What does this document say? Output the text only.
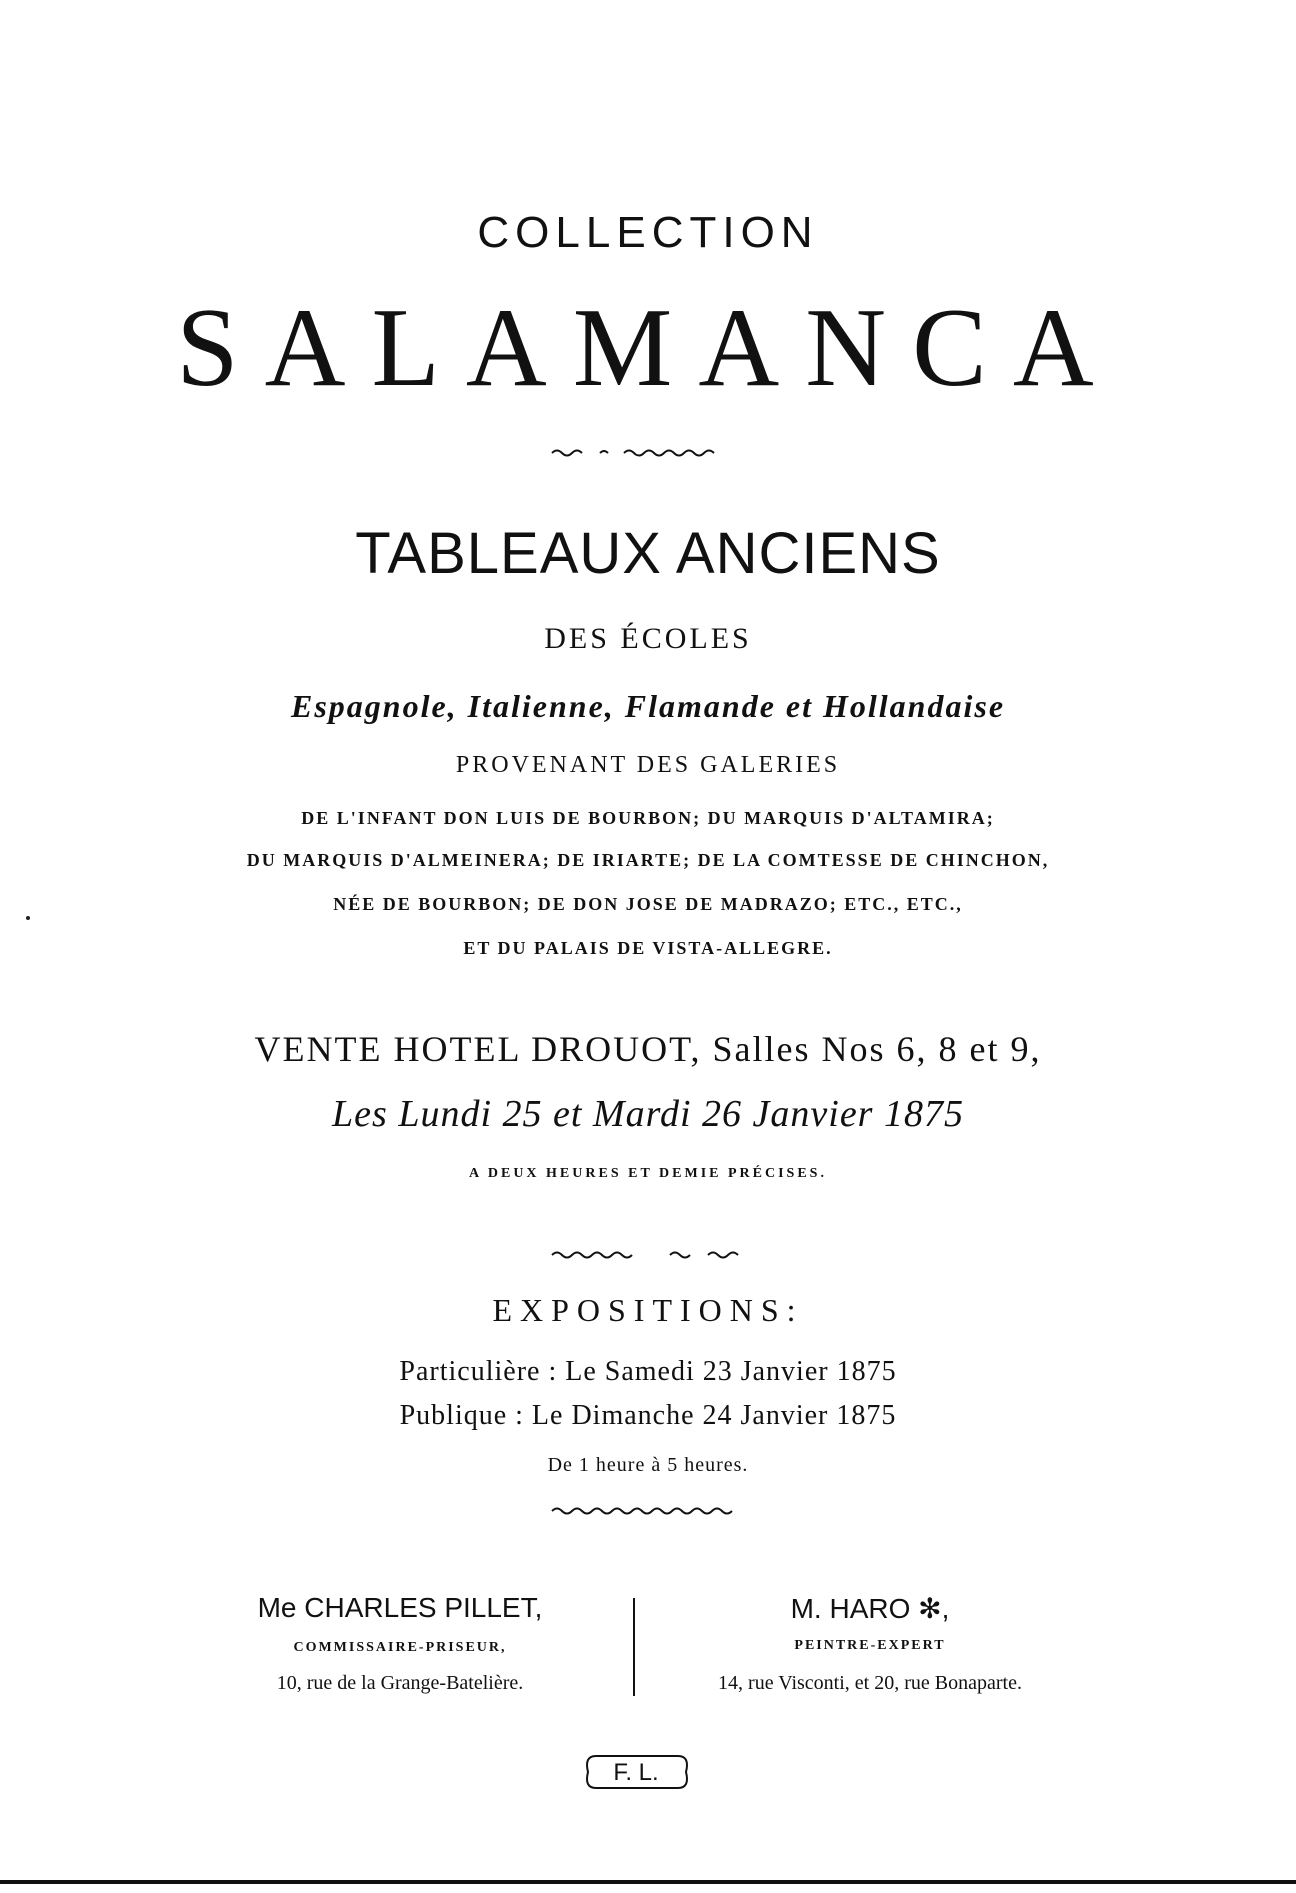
COLLECTION
SALAMANCA
TABLEAUX ANCIENS
DES ÉCOLES
Espagnole, Italienne, Flamande et Hollandaise
PROVENANT DES GALERIES
DE L'INFANT DON LUIS DE BOURBON; DU MARQUIS D'ALTAMIRA;
DU MARQUIS D'ALMEINERA; DE IRIARTE; DE LA COMTESSE DE CHINCHON,
NÉE DE BOURBON; DE DON JOSE DE MADRAZO; ETC., ETC.,
ET DU PALAIS DE VISTA-ALLEGRE.
VENTE HOTEL DROUOT, Salles Nos 6, 8 et 9,
Les Lundi 25 et Mardi 26 Janvier 1875
A DEUX HEURES ET DEMIE PRÉCISES.
EXPOSITIONS:
Particulière : Le Samedi 23 Janvier 1875
Publique : Le Dimanche 24 Janvier 1875
De 1 heure à 5 heures.
Me CHARLES PILLET,
COMMISSAIRE-PRISEUR,
10, rue de la Grange-Batelière.
M. HARO ✻,
PEINTRE-EXPERT
14, rue Visconti, et 20, rue Bonaparte.
F. L.
